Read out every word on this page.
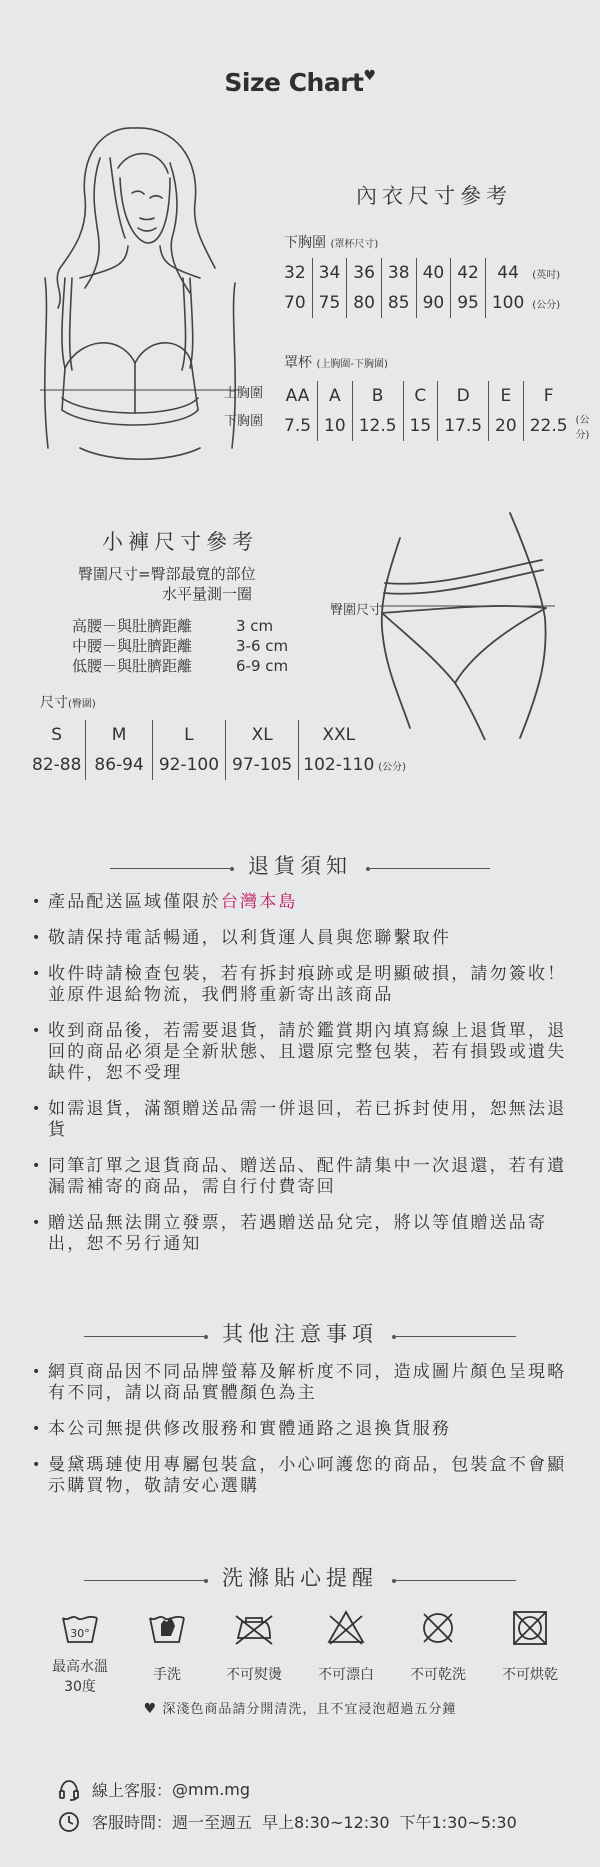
Size Chart♥
上胸圍
下胸圍
內衣尺寸參考
下胸圍 (罩杯尺寸)
32	34	36	38	40	42	44	(英吋)
70	75	80	85	90	95	100	(公分)
罩杯 (上胸圍-下胸圍)
AA	A	B	C	D	E	F	
7.5	10	12.5	15	17.5	20	22.5	(公分)
小褲尺寸參考
臀圍尺寸=臀部最寬的部位
水平量測一圈
高腰－與肚臍距離	3 cm
中腰－與肚臍距離	3-6 cm
低腰－與肚臍距離	6-9 cm
臀圍尺寸
尺寸(臀圍)
S	M	L	XL	XXL	
82-88	86-94	92-100	97-105	102-110	(公分)
退貨須知
• 產品配送區域僅限於台灣本島
• 敬請保持電話暢通，以利貨運人員與您聯繫取件
• 收件時請檢查包裝，若有拆封痕跡或是明顯破損，請勿簽收！並原件退給物流，我們將重新寄出該商品
• 收到商品後，若需要退貨，請於鑑賞期內填寫線上退貨單，退回的商品必須是全新狀態、且還原完整包裝，若有損毀或遺失缺件，恕不受理
• 如需退貨，滿額贈送品需一併退回，若已拆封使用，恕無法退貨
• 同筆訂單之退貨商品、贈送品、配件請集中一次退還，若有遺漏需補寄的商品，需自行付費寄回
• 贈送品無法開立發票，若遇贈送品兌完，將以等值贈送品寄出，恕不另行通知
其他注意事項
• 網頁商品因不同品牌螢幕及解析度不同，造成圖片顏色呈現略有不同，請以商品實體顏色為主
• 本公司無提供修改服務和實體通路之退換貨服務
• 曼黛瑪璉使用專屬包裝盒，小心呵護您的商品，包裝盒不會顯示購買物，敬請安心選購
洗滌貼心提醒
30°
最高水溫
30度
手洗	不可熨燙	不可漂白	不可乾洗	不可烘乾
♥ 深淺色商品請分開清洗，且不宜浸泡超過五分鐘
線上客服 ： @mm.mg
客服時間 ： 週一至週五 早上8:30~12:30 下午1:30~5:30
